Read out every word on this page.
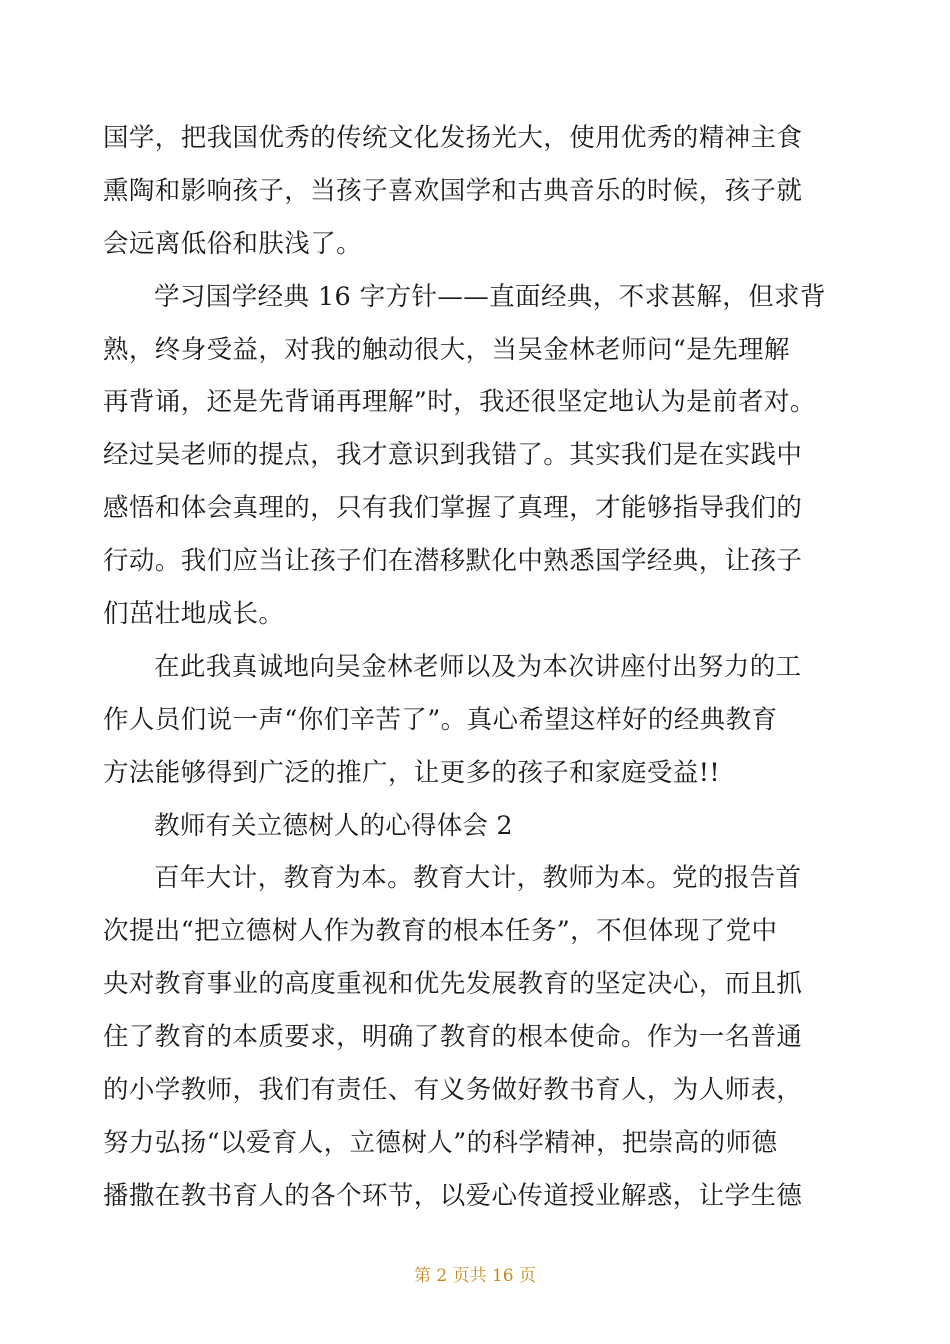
国学，把我国优秀的传统文化发扬光大，使用优秀的精神主食
熏陶和影响孩子，当孩子喜欢国学和古典音乐的时候，孩子就
会远离低俗和肤浅了。

学习国学经典 16 字方针——直面经典，不求甚解，但求背
熟，终身受益，对我的触动很大，当吴金林老师问“是先理解
再背诵，还是先背诵再理解”时，我还很坚定地认为是前者对。
经过吴老师的提点，我才意识到我错了。其实我们是在实践中
感悟和体会真理的，只有我们掌握了真理，才能够指导我们的
行动。我们应当让孩子们在潜移默化中熟悉国学经典，让孩子
们茁壮地成长。

在此我真诚地向吴金林老师以及为本次讲座付出努力的工
作人员们说一声“你们辛苦了”。真心希望这样好的经典教育
方法能够得到广泛的推广，让更多的孩子和家庭受益!!

教师有关立德树人的心得体会 2

百年大计，教育为本。教育大计，教师为本。党的报告首
次提出“把立德树人作为教育的根本任务”，不但体现了党中
央对教育事业的高度重视和优先发展教育的坚定决心，而且抓
住了教育的本质要求，明确了教育的根本使命。作为一名普通
的小学教师，我们有责任、有义务做好教书育人，为人师表，
努力弘扬“以爱育人，立德树人”的科学精神，把崇高的师德
播撒在教书育人的各个环节，以爱心传道授业解惑，让学生德

第 2 页共 16 页
